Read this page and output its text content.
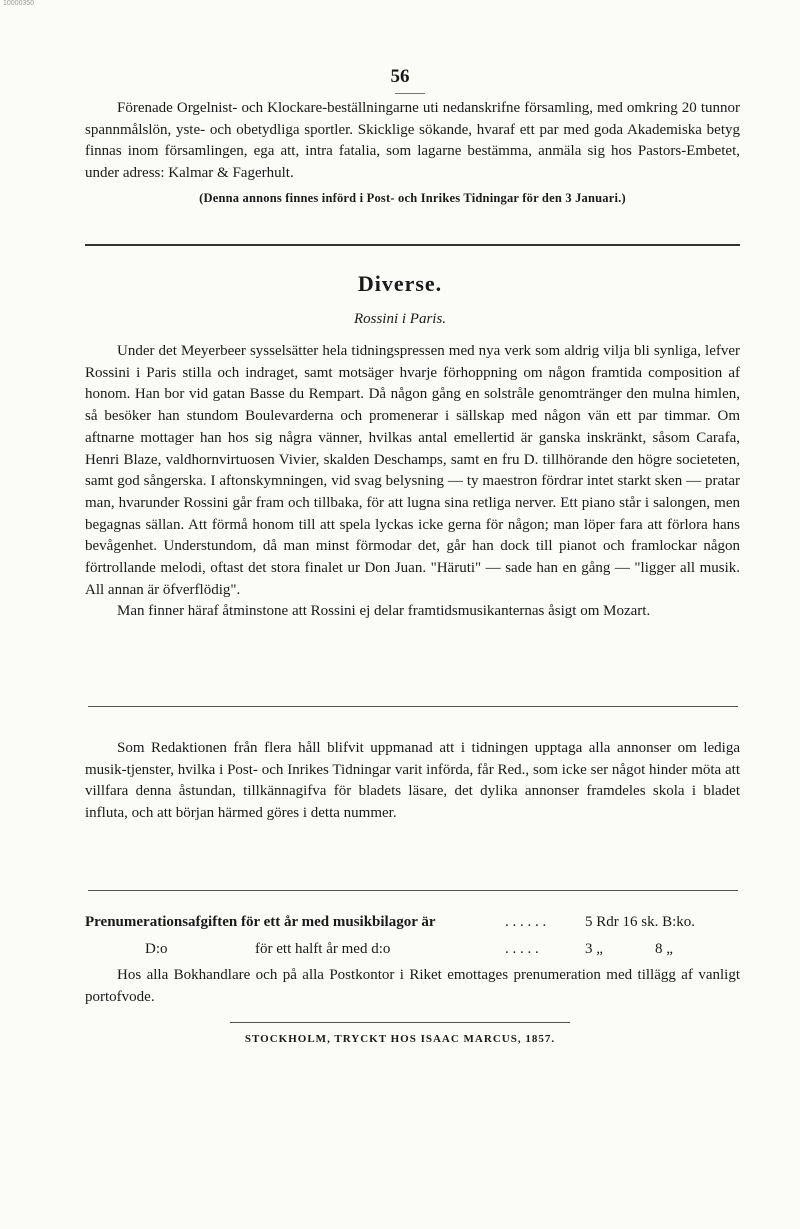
10000350
56

Förenade Orgelnist- och Klockare-beställningarne uti nedanskrifne församling, med omkring 20 tunnor spannmålslön, yste- och obetydliga sportler. Skicklige sökande, hvaraf ett par med goda Akademiska betyg finnas inom församlingen, ega att, intra fatalia, som lagarne bestämma, anmäla sig hos Pastors-Embetet, under adress: Kalmar & Fagerhult.

(Denna annons finnes införd i Post- och Inrikes Tidningar för den 3 Januari.)

Diverse.
Rossini i Paris.

Under det Meyerbeer sysselsätter hela tidningspressen med nya verk som aldrig vilja bli synliga, lefver Rossini i Paris stilla och indraget, samt motsäger hvarje förhoppning om någon framtida composition af honom. Han bor vid gatan Basse du Rempart. Då någon gång en solstråle genomtränger den mulna himlen, så besöker han stundom Boulevarderna och promenerar i sällskap med någon vän ett par timmar. Om aftnarne mottager han hos sig några vänner, hvilkas antal emellertid är ganska inskränkt, såsom Carafa, Henri Blaze, valdhornvirtuosen Vivier, skalden Deschamps, samt en fru D. tillhörande den högre societeten, samt god sångerska. I aftonskymningen, vid svag belysning — ty maestron fördrar intet starkt sken — pratar man, hvarunder Rossini går fram och tillbaka, för att lugna sina retliga nerver. Ett piano står i salongen, men begagnas sällan. Att förmå honom till att spela lyckas icke gerna för någon; man löper fara att förlora hans bevågenhet. Understundom, då man minst förmodar det, går han dock till pianot och framlockar någon förtrollande melodi, oftast det stora finalet ur Don Juan. "Häruti" — sade han en gång — "ligger all musik. All annan är öfverflödig".

Man finner häraf åtminstone att Rossini ej delar framtidsmusikanternas åsigt om Mozart.

Som Redaktionen från flera håll blifvit uppmanad att i tidningen upptaga alla annonser om lediga musik-tjenster, hvilka i Post- och Inrikes Tidningar varit införda, får Red., som icke ser något hinder möta att villfara denna åstundan, tillkännagifva för bladets läsare, det dylika annonser framdeles skola i bladet influta, och att början härmed göres i detta nummer.

Prenumerationsafgiften för ett år med musikbilagor är	. . . . . .	5 Rdr 16 sk. B:ko.
D:o	för ett halft år med d:o	. . . . .	3 „	8 „

Hos alla Bokhandlare och på alla Postkontor i Riket emottages prenumeration med tillägg af vanligt portofvode.

STOCKHOLM, TRYCKT HOS ISAAC MARCUS, 1857.
